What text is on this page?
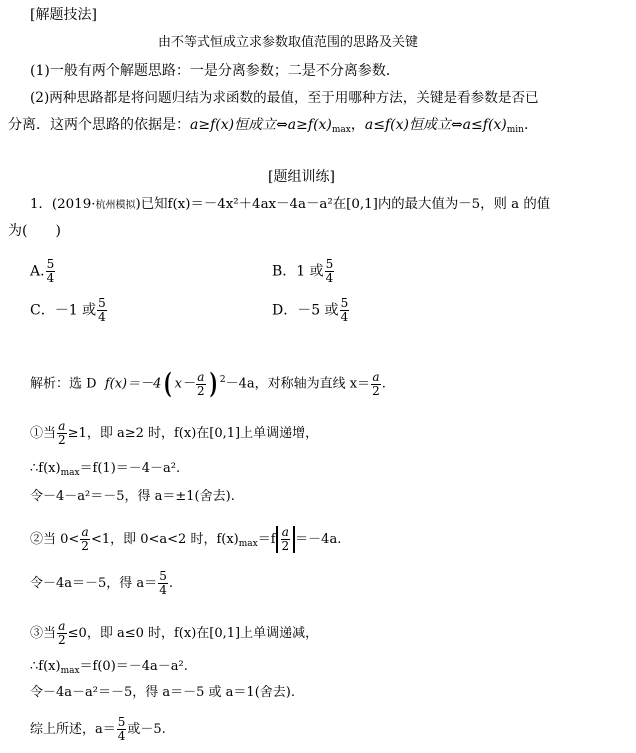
[解题技法]
由不等式恒成立求参数取值范围的思路及关键
(1)一般有两个解题思路：一是分离参数；二是不分离参数．
(2)两种思路都是将问题归结为求函数的最值，至于用哪种方法，关键是看参数是否已
分离．这两个思路的依据是：a≥f(x)恒成立$\Leftrightarrow a\ge f(x)_{max}$，a≤f(x)恒成立$\Leftrightarrow a\le f(x)_{min}$.
[题组训练]
1．(2019·杭州模拟)已知f(x)＝－4x²＋4ax－4a－a²在[0,1]内的最大值为－5，则 a 的值
为(　　)
A. $\frac{5}{4}$	B．1 或 $\frac{5}{4}$
C．－1 或 $\frac{5}{4}$	D．－5 或 $\frac{5}{4}$
解析：选 D f(x)＝－4( $x- \frac{a}{2}$ ) $^2$－4a，对称轴为直线 $x= \frac{a}{2}$ .
①当 $\frac{a}{2} \ge 1$，即 a≥2 时，f(x)在[0,1]上单调递增，
$\therefore f(x)_{max}=f(1)=-4-a^2$.
令－4－a²＝－5，得 a＝±1(舍去).
②当 $0< \frac{a}{2} <1$，即 0<a<2 时，$f(x)_{max}=f \frac{a}{2} =-4a$.
令－4a＝－5，得 $a= \frac{5}{4}$ .
③当 $\frac{a}{2} \le 0$，即 a≤0 时，f(x)在[0,1]上单调递减，
$\therefore f(x)_{max}=f(0)=-4a-a^2$.
令－4a－a²＝－5，得 a＝－5 或 a＝1(舍去).
综上所述，$a= \frac{5}{4}$ 或－5.
